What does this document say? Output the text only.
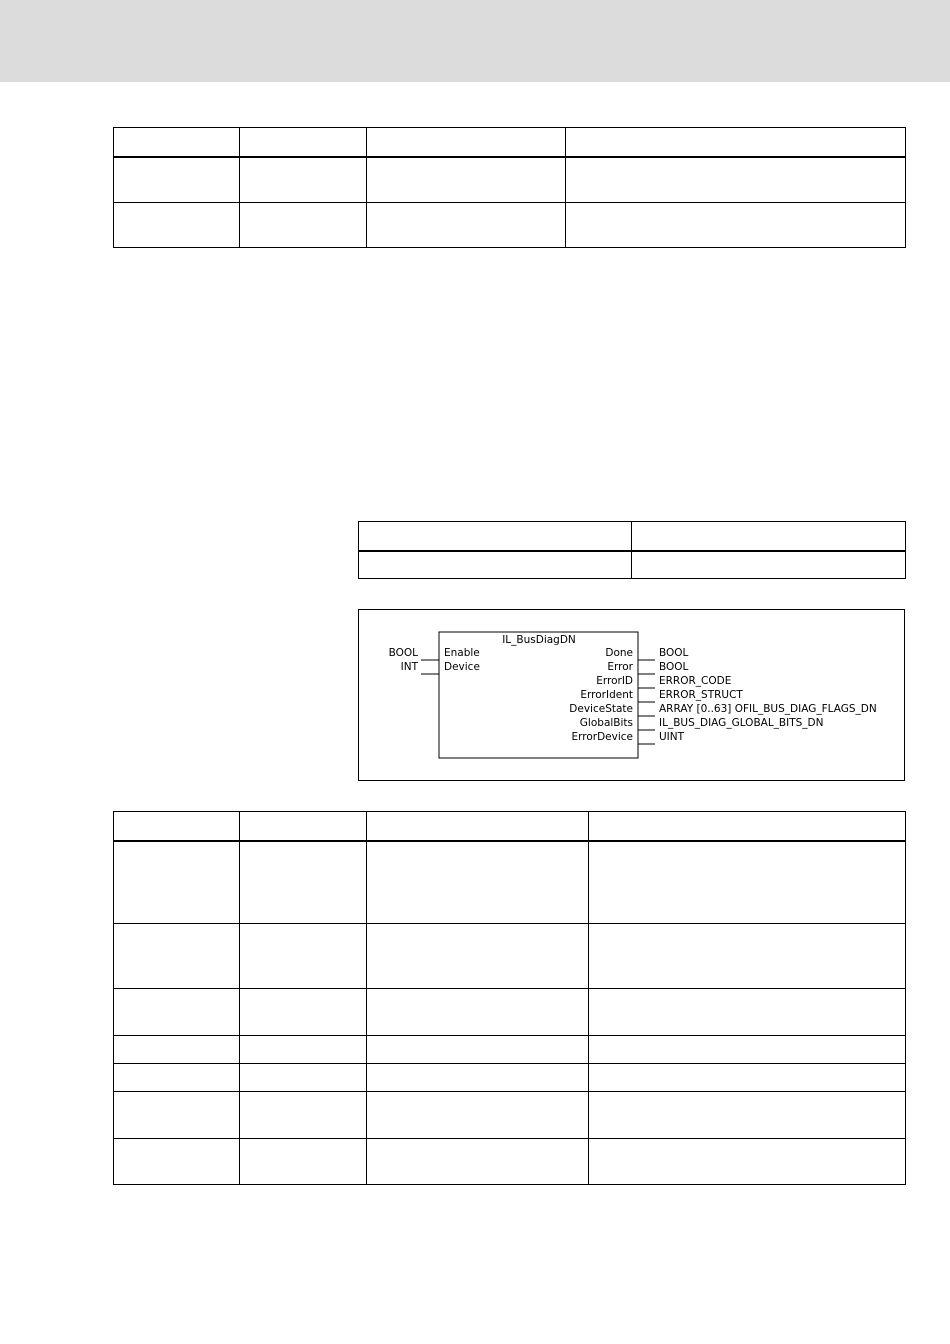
IL_BusDiagDN
BOOL Enable
INT Device
Done BOOL
Error BOOL
ErrorID ERROR_CODE
ErrorIdent ERROR_STRUCT
DeviceState ARRAY [0..63] OFIL_BUS_DIAG_FLAGS_DN
GlobalBits IL_BUS_DIAG_GLOBAL_BITS_DN
ErrorDevice UINT
